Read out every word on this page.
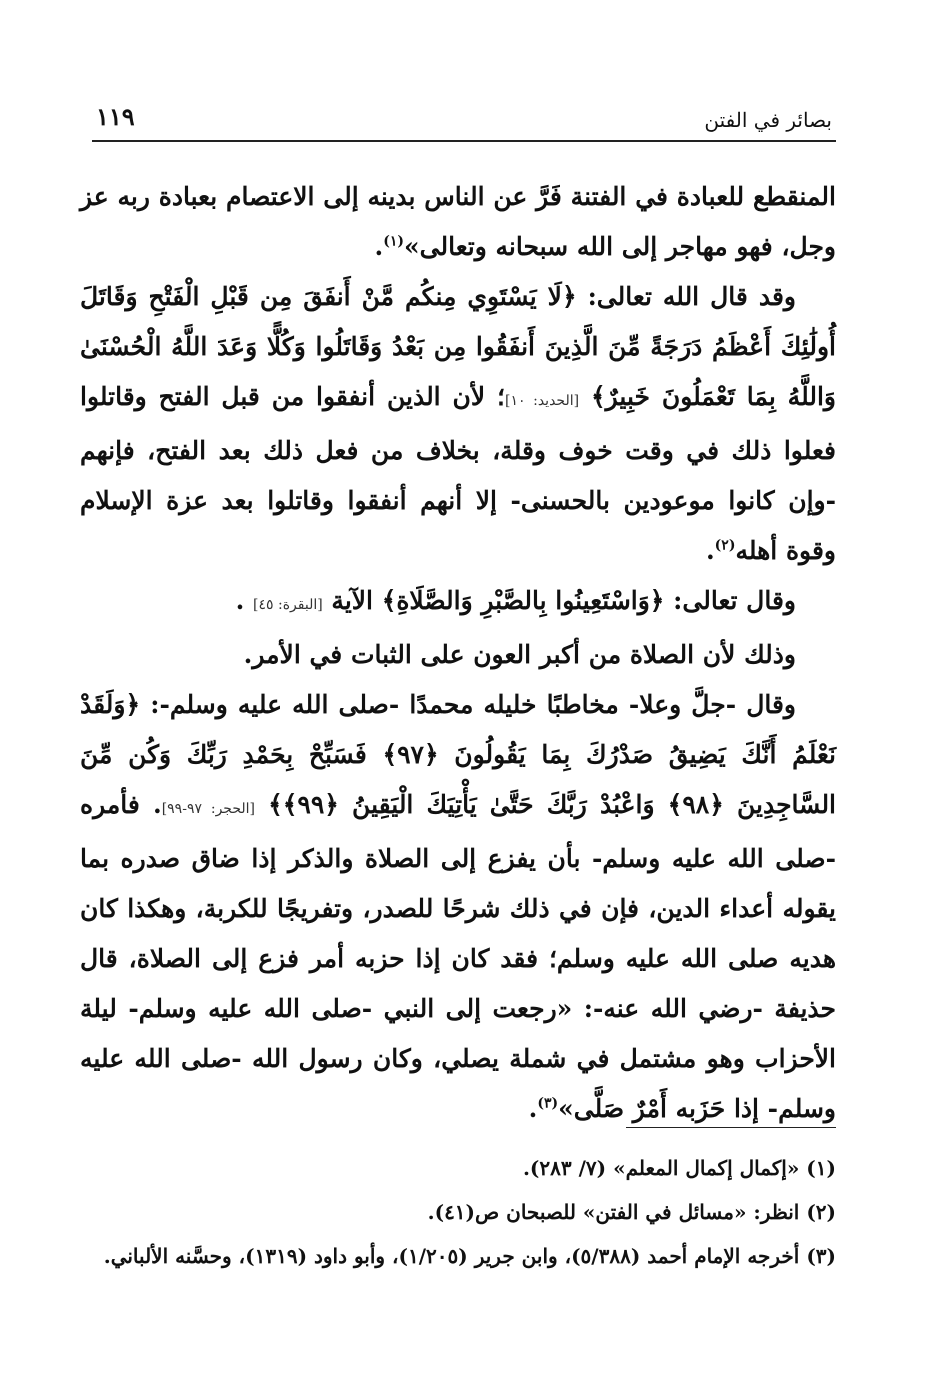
١١٩	بصائر في الفتن

المنقطع للعبادة في الفتنة فَرَّ عن الناس بدينه إلى الاعتصام بعبادة ربه عز وجل، فهو مهاجر إلى الله سبحانه وتعالى»$^{(١)}$.

وقد قال الله تعالى: ﴿لَا يَسْتَوِي مِنكُم مَّنْ أَنفَقَ مِن قَبْلِ الْفَتْحِ وَقَاتَلَ أُولَٰئِكَ أَعْظَمُ دَرَجَةً مِّنَ الَّذِينَ أَنفَقُوا مِن بَعْدُ وَقَاتَلُوا وَكُلًّا وَعَدَ اللَّهُ الْحُسْنَىٰ وَاللَّهُ بِمَا تَعْمَلُونَ خَبِيرٌ﴾ [الحديد: ١٠]؛ لأن الذين أنفقوا من قبل الفتح وقاتلوا فعلوا ذلك في وقت خوف وقلة، بخلاف من فعل ذلك بعد الفتح، فإنهم -وإن كانوا موعودين بالحسنى- إلا أنهم أنفقوا وقاتلوا بعد عزة الإسلام وقوة أهله$^{(٢)}$.

وقال تعالى: ﴿وَاسْتَعِينُوا بِالصَّبْرِ وَالصَّلَاةِ﴾ الآية [البقرة: ٤٥] .

وذلك لأن الصلاة من أكبر العون على الثبات في الأمر.

وقال -جلَّ وعلا- مخاطبًا خليله محمدًا -صلى الله عليه وسلم-: ﴿وَلَقَدْ نَعْلَمُ أَنَّكَ يَضِيقُ صَدْرُكَ بِمَا يَقُولُونَ ﴿٩٧﴾ فَسَبِّحْ بِحَمْدِ رَبِّكَ وَكُن مِّنَ السَّاجِدِينَ ﴿٩٨﴾ وَاعْبُدْ رَبَّكَ حَتَّىٰ يَأْتِيَكَ الْيَقِينُ ﴿٩٩﴾﴾ [الحجر: ٩٧-٩٩]. فأمره -صلى الله عليه وسلم- بأن يفزع إلى الصلاة والذكر إذا ضاق صدره بما يقوله أعداء الدين، فإن في ذلك شرحًا للصدر، وتفريجًا للكربة، وهكذا كان هديه صلى الله عليه وسلم؛ فقد كان إذا حزبه أمر فزع إلى الصلاة، قال حذيفة -رضي الله عنه-: «رجعت إلى النبي -صلى الله عليه وسلم- ليلة الأحزاب وهو مشتمل في شملة يصلي، وكان رسول الله -صلى الله عليه وسلم- إذا حَزَبه أَمْرٌ صَلَّى»$^{(٣)}$.

(١) «إكمال إكمال المعلم» (٧/ ٢٨٣).

(٢) انظر: «مسائل في الفتن» للصبحان ص(٤١).

(٣) أخرجه الإمام أحمد (٥/٣٨٨)، وابن جرير (١/٢٠٥)، وأبو داود (١٣١٩)، وحسَّنه الألباني.
